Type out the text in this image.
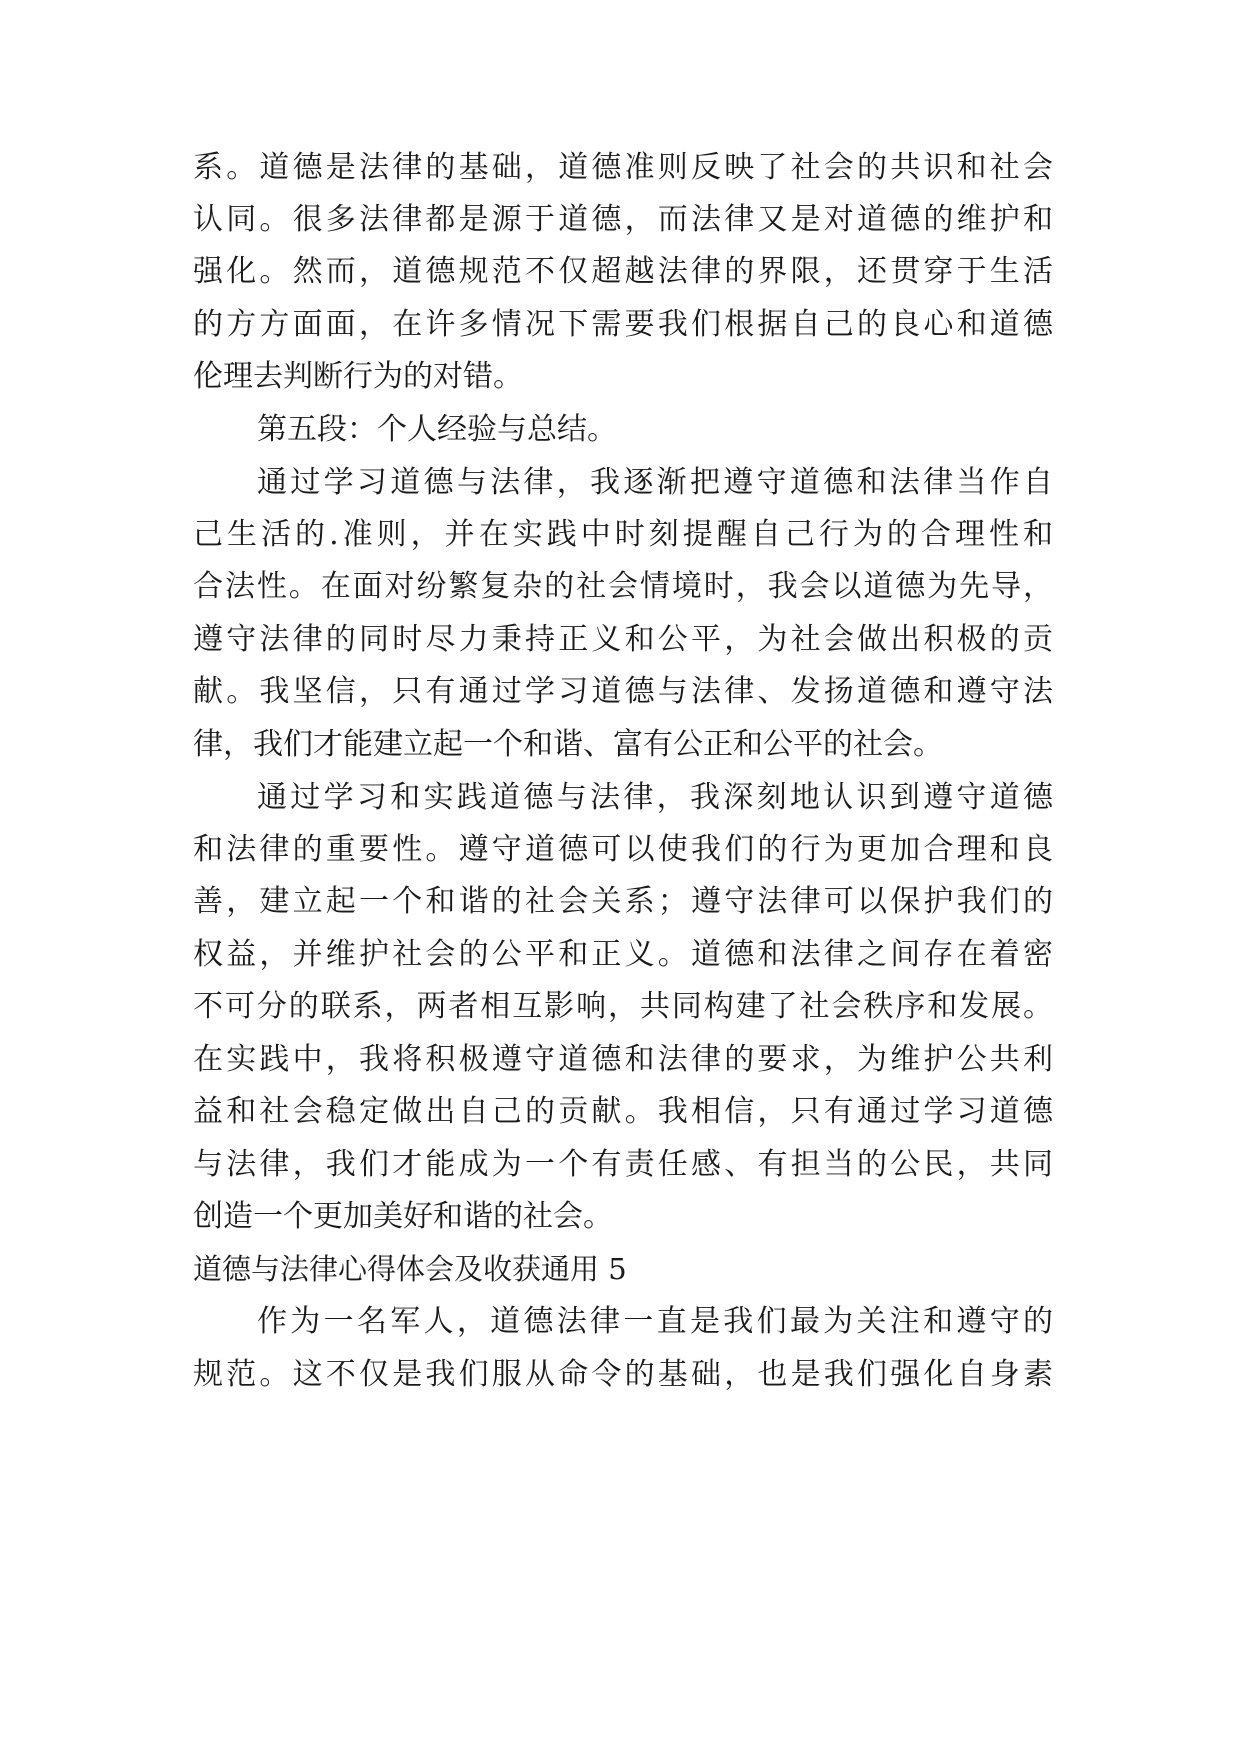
系。道德是法律的基础，道德准则反映了社会的共识和社会
认同。很多法律都是源于道德，而法律又是对道德的维护和
强化。然而，道德规范不仅超越法律的界限，还贯穿于生活
的方方面面，在许多情况下需要我们根据自己的良心和道德
伦理去判断行为的对错。
第五段：个人经验与总结。
通过学习道德与法律，我逐渐把遵守道德和法律当作自
己生活的.准则，并在实践中时刻提醒自己行为的合理性和
合法性。在面对纷繁复杂的社会情境时，我会以道德为先导，
遵守法律的同时尽力秉持正义和公平，为社会做出积极的贡
献。我坚信，只有通过学习道德与法律、发扬道德和遵守法
律，我们才能建立起一个和谐、富有公正和公平的社会。
通过学习和实践道德与法律，我深刻地认识到遵守道德
和法律的重要性。遵守道德可以使我们的行为更加合理和良
善，建立起一个和谐的社会关系；遵守法律可以保护我们的
权益，并维护社会的公平和正义。道德和法律之间存在着密
不可分的联系，两者相互影响，共同构建了社会秩序和发展。
在实践中，我将积极遵守道德和法律的要求，为维护公共利
益和社会稳定做出自己的贡献。我相信，只有通过学习道德
与法律，我们才能成为一个有责任感、有担当的公民，共同
创造一个更加美好和谐的社会。
道德与法律心得体会及收获通用 5
作为一名军人，道德法律一直是我们最为关注和遵守的
规范。这不仅是我们服从命令的基础，也是我们强化自身素
